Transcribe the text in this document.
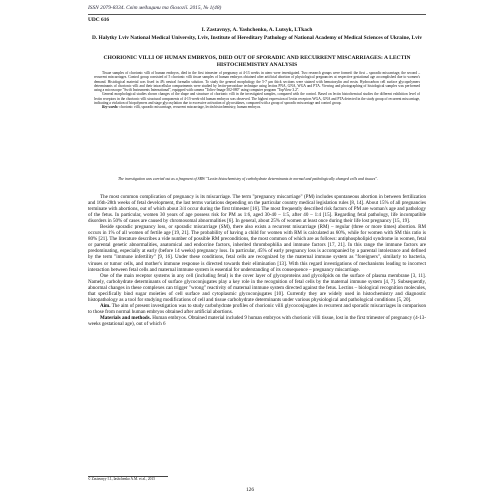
ISSN 2079-8334. Світ медицини та біології. 2015, № 1(48)
UDC 616
I. Zastavnyy, A. Yashchenko, A. Lutsyk, I.Tkach
D. Halytky Lviv National Medical University, Lviv, Institute of Hereditary Pathology of National Academy of Medical Sciences of Ukraine, Lviv
CHORIONIC VILLI OF HUMAN EMBRYOS, DIED OUT OF SPORADIC AND RECURRENT MISCARRIAGES: A LECTIN HISTOCHEMISTRY ANALYSIS

Tissue samples of chorionic villi of human embryos, died in the first trimester of pregnancy at 4-13 weeks in utero were investigated. Two research groups were formed: the first – sporadic miscarriage, the second – recurrent miscarriages. Control group consisted of 5 chorionic villi tissue samples of human embryos obtained after artificial abortion of physiological pregnancies at respective gestational age accomplished due to women's demand. Histological material was fixed in 4% neutral formalin solution. To study the general morphology the 5-7 μm thick sections were stained with hematoxylin and eosin. Hydrocarbon cell surface glycopolymers determinants of chorionic villi and their intracellular compartments were studied by lectin-peroxidase technique using lectins PNA, GNA, WGA and PTA. Viewing and photographing of histological samples was performed using a microscope "Swift Instruments International", equipped with camera "Toltec-Image 502-080" using computer program "TopView 3.2".

General morphological studies shown changes of the shape and structure of chorionic villi in the investigated samples, compared with the control. Based on lectin histochemical studies the different exhibition level of lectin receptors in the chorionic villi structural components of 4-13-week-old human embryos was observed. The highest expression of lectin receptors WGA, GNA and PTA detected in the study group of recurrent miscarriage, indicating a violation of biopolymers and stage glycosylation due to excessive activation of glycosidases, compared with a group of sporadic miscarriage and control group.

Key words: chorionic villi, sporadic miscarriage, recurrent miscarriage, lectin histochemistry, human embryos.

The investigation was carried out as a fragment of SRW "Lectin histochemistry of carbohydrate determinants in normal and pathologically changed cells and tissues".

The most common complication of pregnancy is its miscarriage. The term "pregnancy miscarriage" (PM) includes spontaneous abortion in between fertilization and 16th-28th weeks of fetal development, the last terms variations depending on the particular country medical legislation rules [8, 14]. About 15% of all pregnancies terminate with abortions, out of which about 3/4 occur during the first trimester [16]. The most frequently described risk factors of PM are woman's age and pathology of the fetus. In particular, women 30 years of age possess risk for PM as 1:6, aged 30-40 – 1:5, after 40 – 1:4 [15]. Regarding fetal pathology, life incompatible disorders in 50% of cases are caused by chromosomal abnormalities [6]. In general, about 25% of women at least once during their life lost pregnancy [15, 19].

Beside sporadic pregnancy loss, or sporadic miscarriage (SM), there also exists a recurrent miscarriage (RM) – regular (three or more times) abortion. RM occurs in 1% of all women of fertile age [19, 21]. The probability of having a child for women with RM is calculated as 60%, while for women with SM this ratio is 80% [21]. The literature describes a vide number of possible RM preconditions, the most common of which are as follows: antiphospholipid syndrome in women, fetal or parental genetic abnormalities, anatomical and endocrine factors, inherited thrombophilia and immune factors [17, 21]. In this range the immune factors are predominating, especially at early (before 14 weeks) pregnancy loss. In particular, 45% of early pregnancy loss is accompanied by a parental intolerance and defined by the term "immune infertility" [9, 16]. Under these conditions, fetal cells are recognized by the maternal immune system as "foreigners", similarly to bacteria, viruses or tumor cells, and mother's immune response is directed towards their elimination [13]. With this regard investigations of mechanisms leading to incorrect interaction between fetal cells and maternal immune system is essential for understanding of its consequence – pregnancy miscarriage.

One of the main receptor systems in any cell (including fetal) is the cover layer of glycoproteins and glycolipids on the surface of plasma membrane [3, 11]. Namely, carbohydrate determinants of surface glycoconjugates play a key role in the recognition of fetal cells by the maternal immune system [4, 7]. Subsequently, abnormal changes in these complexes can trigger "wrong" reactivity of maternal immune system directed against the fetus. Lectins – biological recognition molecules, that specifically bind sugar moieties of cell surface and cytoplasmic glycoconjugates [10]. Currently they are widely used in histochemistry and diagnostic histopathology as a tool for studying modifications of cell and tissue carbohydrate determinants under various physiological and pathological conditions [5, 20].

Aim. The aim of present investigation was to study carbohydrate profiles of chorionic villi glycoconjugates in recurrent and sporadic miscarriages in comparison to those from normal human embryos obtained after artificial abortions.

Materials and methods. Human embryos. Obtained material included 9 human embryos with chorionic villi tissue, lost in the first trimester of pregnancy (4-13-weeks gestational age), out of which 6

© Zastavnyy I.I., Iashchenko A.M. et al., 2015
126
